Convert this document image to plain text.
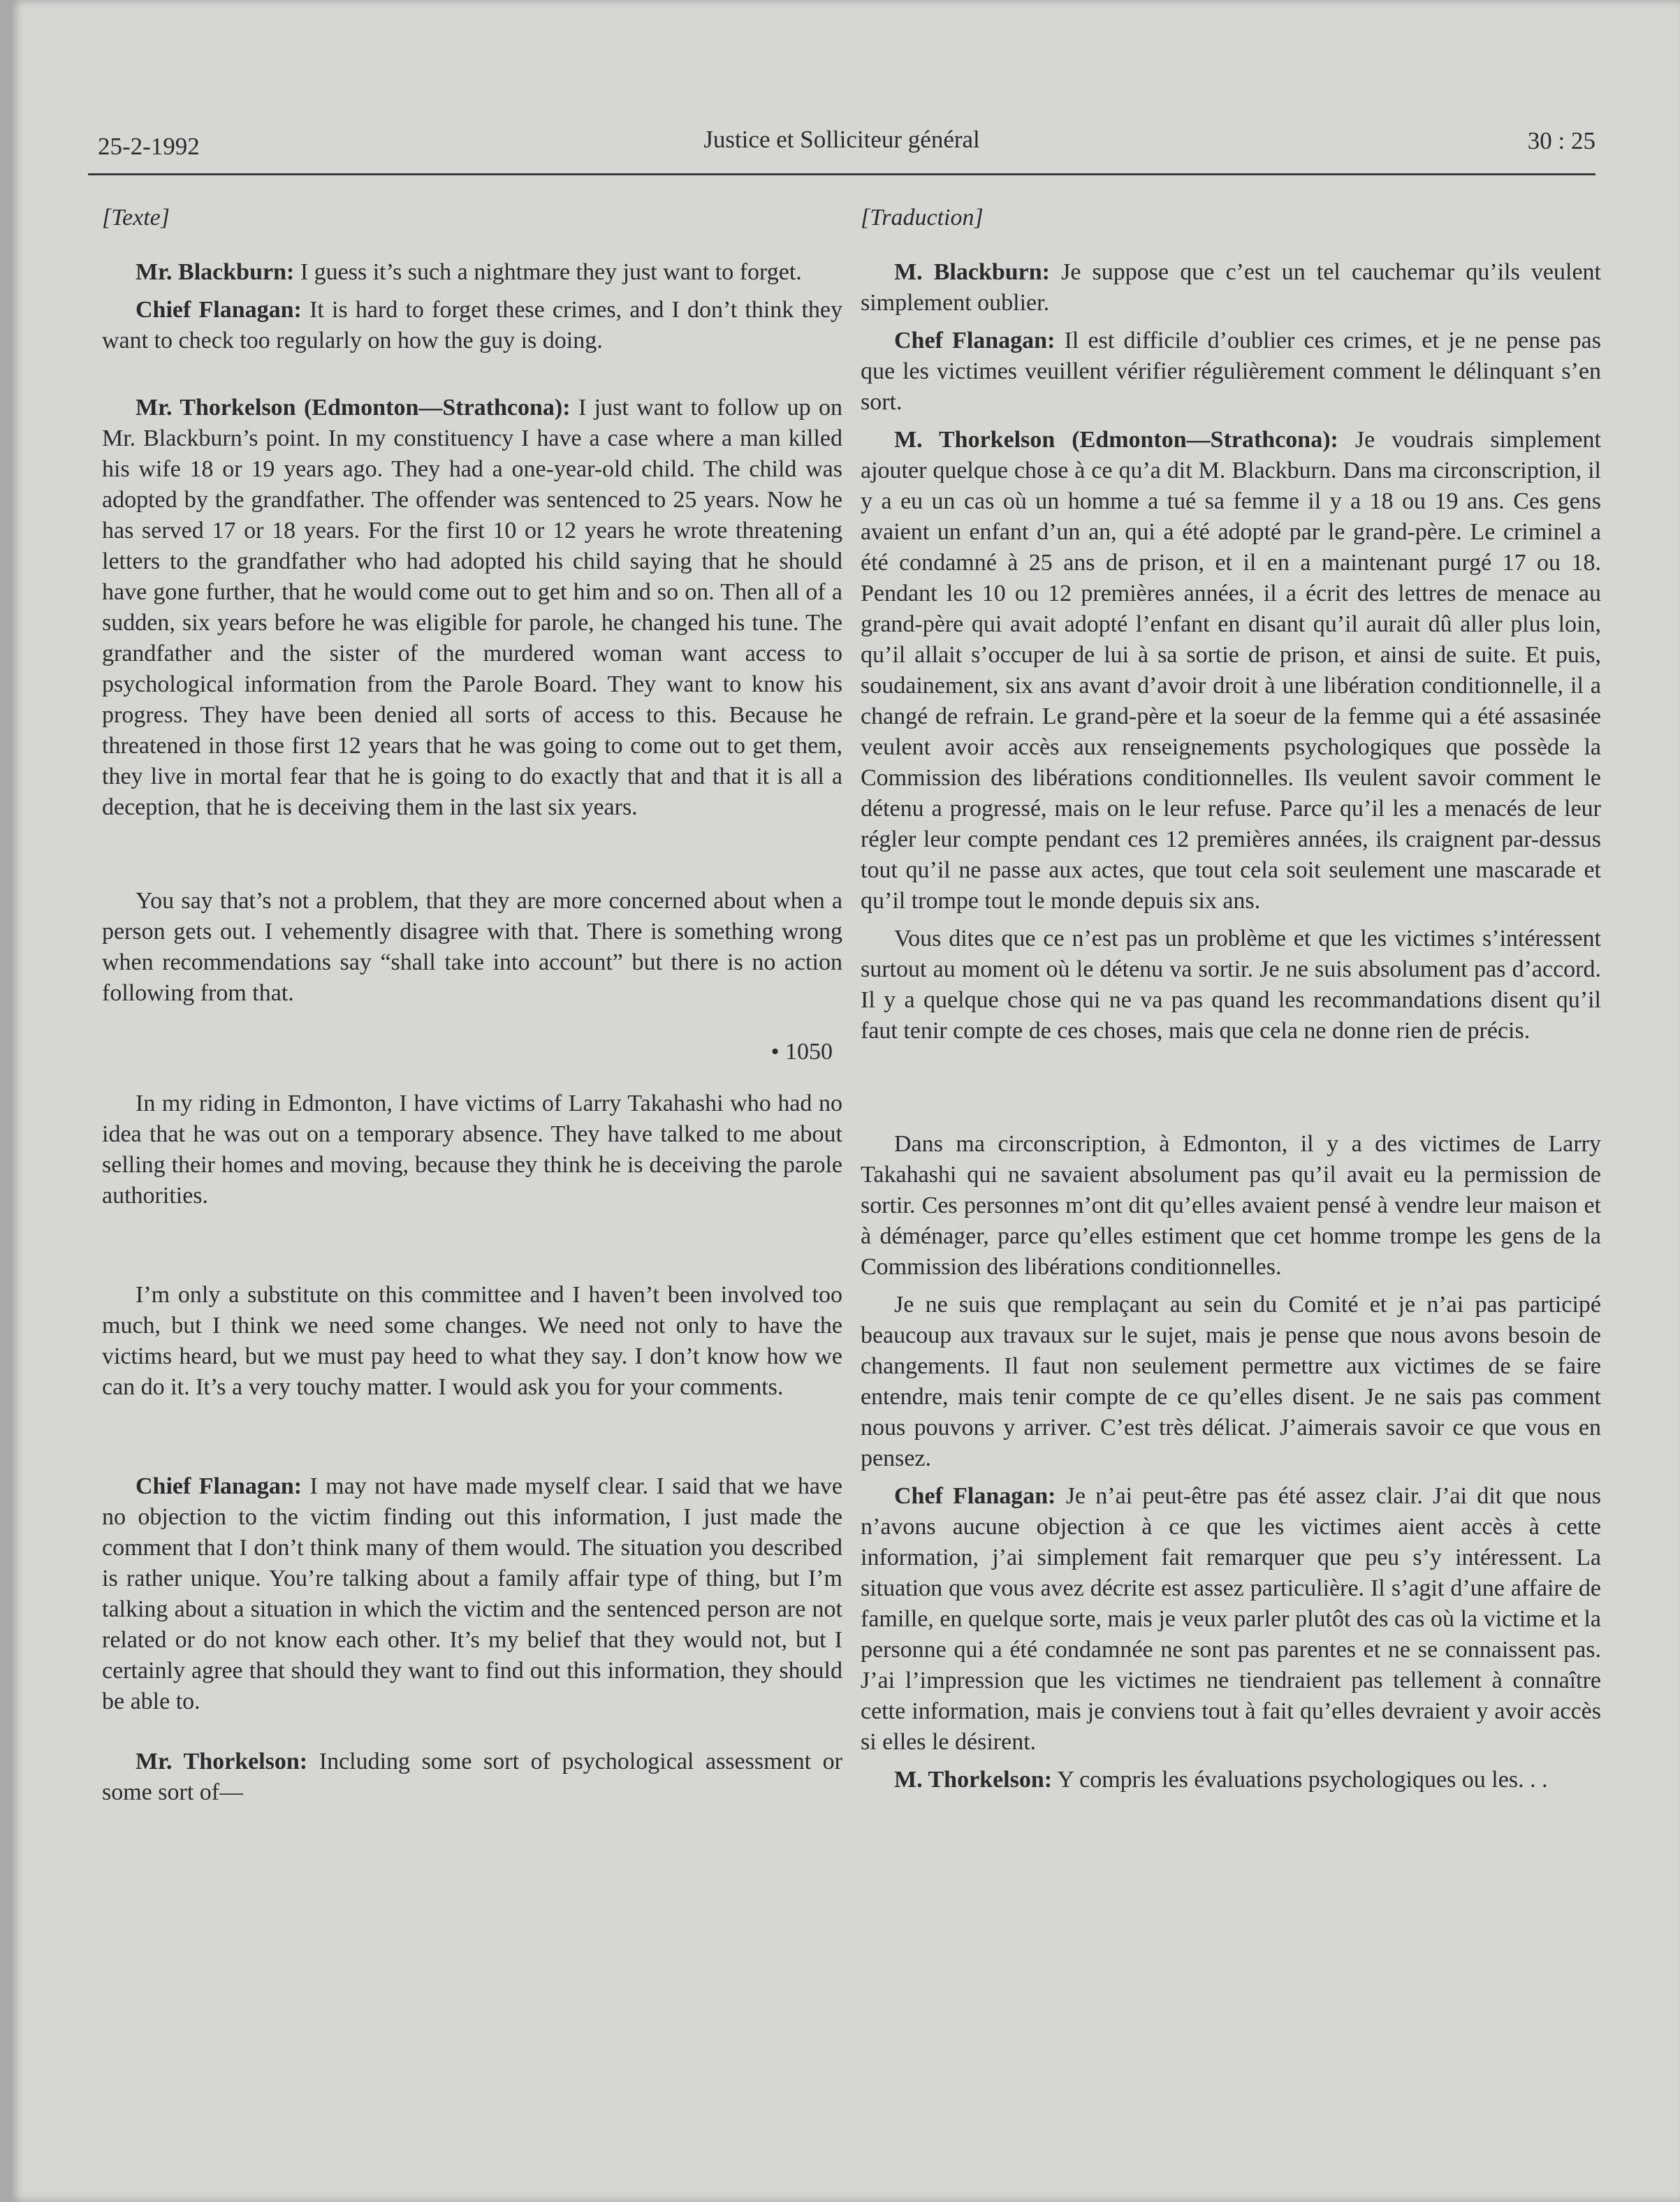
25-2-1992	Justice et Solliciteur général	30 : 25

[Texte]

Mr. Blackburn: I guess it’s such a nightmare they just want to forget.

Chief Flanagan: It is hard to forget these crimes, and I don’t think they want to check too regularly on how the guy is doing.

Mr. Thorkelson (Edmonton—Strathcona): I just want to follow up on Mr. Blackburn’s point. In my constituency I have a case where a man killed his wife 18 or 19 years ago. They had a one-year-old child. The child was adopted by the grandfather. The offender was sentenced to 25 years. Now he has served 17 or 18 years. For the first 10 or 12 years he wrote threatening letters to the grandfather who had adopted his child saying that he should have gone further, that he would come out to get him and so on. Then all of a sudden, six years before he was eligible for parole, he changed his tune. The grandfather and the sister of the murdered woman want access to psychological information from the Parole Board. They want to know his progress. They have been denied all sorts of access to this. Because he threatened in those first 12 years that he was going to come out to get them, they live in mortal fear that he is going to do exactly that and that it is all a deception, that he is deceiving them in the last six years.

You say that’s not a problem, that they are more concerned about when a person gets out. I vehemently disagree with that. There is something wrong when recommendations say “shall take into account” but there is no action following from that.

• 1050

In my riding in Edmonton, I have victims of Larry Takahashi who had no idea that he was out on a temporary absence. They have talked to me about selling their homes and moving, because they think he is deceiving the parole authorities.

I’m only a substitute on this committee and I haven’t been involved too much, but I think we need some changes. We need not only to have the victims heard, but we must pay heed to what they say. I don’t know how we can do it. It’s a very touchy matter. I would ask you for your comments.

Chief Flanagan: I may not have made myself clear. I said that we have no objection to the victim finding out this information, I just made the comment that I don’t think many of them would. The situation you described is rather unique. You’re talking about a family affair type of thing, but I’m talking about a situation in which the victim and the sentenced person are not related or do not know each other. It’s my belief that they would not, but I certainly agree that should they want to find out this information, they should be able to.

Mr. Thorkelson: Including some sort of psychological assessment or some sort of—

[Traduction]

M. Blackburn: Je suppose que c’est un tel cauchemar qu’ils veulent simplement oublier.

Chef Flanagan: Il est difficile d’oublier ces crimes, et je ne pense pas que les victimes veuillent vérifier régulièrement comment le délinquant s’en sort.

M. Thorkelson (Edmonton—Strathcona): Je voudrais simplement ajouter quelque chose à ce qu’a dit M. Blackburn. Dans ma circonscription, il y a eu un cas où un homme a tué sa femme il y a 18 ou 19 ans. Ces gens avaient un enfant d’un an, qui a été adopté par le grand-père. Le criminel a été condamné à 25 ans de prison, et il en a maintenant purgé 17 ou 18. Pendant les 10 ou 12 premières années, il a écrit des lettres de menace au grand-père qui avait adopté l’enfant en disant qu’il aurait dû aller plus loin, qu’il allait s’occuper de lui à sa sortie de prison, et ainsi de suite. Et puis, soudainement, six ans avant d’avoir droit à une libération conditionnelle, il a changé de refrain. Le grand-père et la soeur de la femme qui a été assasinée veulent avoir accès aux renseignements psychologiques que possède la Commission des libérations conditionnelles. Ils veulent savoir comment le détenu a progressé, mais on le leur refuse. Parce qu’il les a menacés de leur régler leur compte pendant ces 12 premières années, ils craignent par-dessus tout qu’il ne passe aux actes, que tout cela soit seulement une mascarade et qu’il trompe tout le monde depuis six ans.

Vous dites que ce n’est pas un problème et que les victimes s’intéressent surtout au moment où le détenu va sortir. Je ne suis absolument pas d’accord. Il y a quelque chose qui ne va pas quand les recommandations disent qu’il faut tenir compte de ces choses, mais que cela ne donne rien de précis.

Dans ma circonscription, à Edmonton, il y a des victimes de Larry Takahashi qui ne savaient absolument pas qu’il avait eu la permission de sortir. Ces personnes m’ont dit qu’elles avaient pensé à vendre leur maison et à déménager, parce qu’elles estiment que cet homme trompe les gens de la Commission des libérations conditionnelles.

Je ne suis que remplaçant au sein du Comité et je n’ai pas participé beaucoup aux travaux sur le sujet, mais je pense que nous avons besoin de changements. Il faut non seulement permettre aux victimes de se faire entendre, mais tenir compte de ce qu’elles disent. Je ne sais pas comment nous pouvons y arriver. C’est très délicat. J’aimerais savoir ce que vous en pensez.

Chef Flanagan: Je n’ai peut-être pas été assez clair. J’ai dit que nous n’avons aucune objection à ce que les victimes aient accès à cette information, j’ai simplement fait remarquer que peu s’y intéressent. La situation que vous avez décrite est assez particulière. Il s’agit d’une affaire de famille, en quelque sorte, mais je veux parler plutôt des cas où la victime et la personne qui a été condamnée ne sont pas parentes et ne se connaissent pas. J’ai l’impression que les victimes ne tiendraient pas tellement à connaître cette information, mais je conviens tout à fait qu’elles devraient y avoir accès si elles le désirent.

M. Thorkelson: Y compris les évaluations psychologiques ou les. . .
